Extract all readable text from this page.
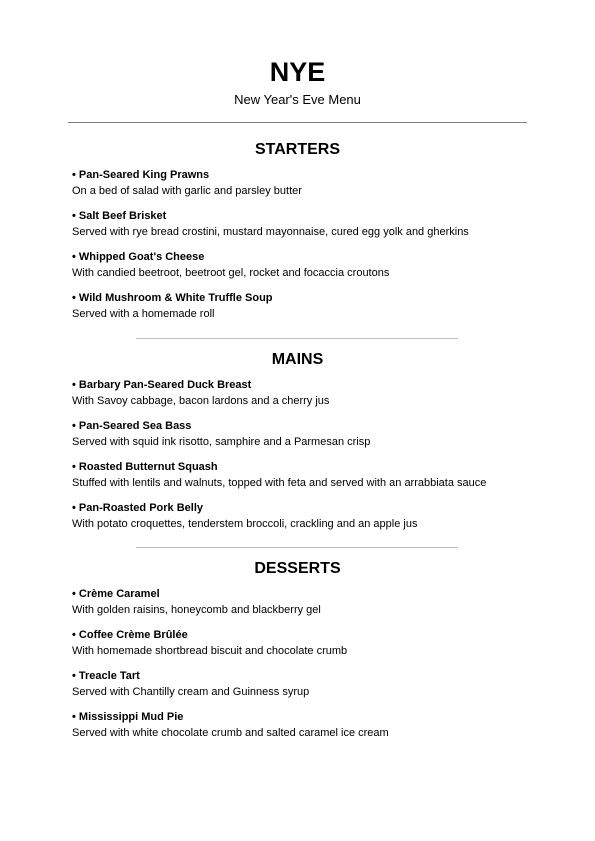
NYE
New Year's Eve Menu
STARTERS
• Pan-Seared King Prawns
On a bed of salad with garlic and parsley butter
• Salt Beef Brisket
Served with rye bread crostini, mustard mayonnaise, cured egg yolk and gherkins
• Whipped Goat's Cheese
With candied beetroot, beetroot gel, rocket and focaccia croutons
• Wild Mushroom & White Truffle Soup
Served with a homemade roll
MAINS
• Barbary Pan-Seared Duck Breast
With Savoy cabbage, bacon lardons and a cherry jus
• Pan-Seared Sea Bass
Served with squid ink risotto, samphire and a Parmesan crisp
• Roasted Butternut Squash
Stuffed with lentils and walnuts, topped with feta and served with an arrabbiata sauce
• Pan-Roasted Pork Belly
With potato croquettes, tenderstem broccoli, crackling and an apple jus
DESSERTS
• Crème Caramel
With golden raisins, honeycomb and blackberry gel
• Coffee Crème Brûlée
With homemade shortbread biscuit and chocolate crumb
• Treacle Tart
Served with Chantilly cream and Guinness syrup
• Mississippi Mud Pie
Served with white chocolate crumb and salted caramel ice cream
